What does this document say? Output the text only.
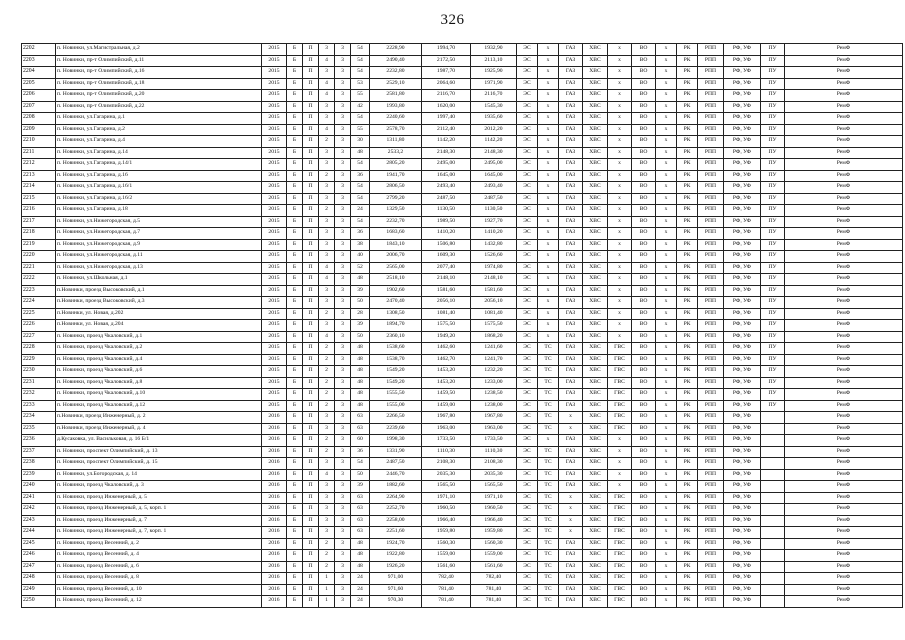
326
2202	п. Новинки, ул.Магистральная, д.2	2015	Б	П	3	3	54	2228,90	1994,70	1932,90	ЭС	х	ГАЗ	ХВС	х	ВО	х	РК	РПП	РФ, УФ	ПУ	РемФ
2203	п. Новинки, пр-т Олимпийский, д.11	2015	Б	П	4	3	54	2490,40	2172,50	2113,10	ЭС	х	ГАЗ	ХВС	х	ВО	х	РК	РПП	РФ, УФ	ПУ	РемФ
2204	п. Новинки, пр-т Олимпийский, д.16	2015	Б	П	3	3	54	2232,80	1987,70	1925,90	ЭС	х	ГАЗ	ХВС	х	ВО	х	РК	РПП	РФ, УФ	ПУ	РемФ
2205	п. Новинки, пр-т Олимпийский, д.18	2015	Б	П	4	3	53	2529,10	2064,60	1971,90	ЭС	х	ГАЗ	ХВС	х	ВО	х	РК	РПП	РФ, УФ	ПУ	РемФ
2206	п. Новинки, пр-т Олимпийский, д.20	2015	Б	П	4	3	55	2581,80	2116,70	2116,70	ЭС	х	ГАЗ	ХВС	х	ВО	х	РК	РПП	РФ, УФ	ПУ	РемФ
2207	п. Новинки, пр-т Олимпийский, д.22	2015	Б	П	3	3	42	1993,80	1620,00	1545,30	ЭС	х	ГАЗ	ХВС	х	ВО	х	РК	РПП	РФ, УФ	ПУ	РемФ
2208	п. Новинки, ул.Гагарина, д.1	2015	Б	П	3	3	54	2240,60	1997,40	1935,60	ЭС	х	ГАЗ	ХВС	х	ВО	х	РК	РПП	РФ, УФ	ПУ	РемФ
2209	п. Новинки, ул.Гагарина, д.2	2015	Б	П	4	3	55	2578,70	2112,40	2012,20	ЭС	х	ГАЗ	ХВС	х	ВО	х	РК	РПП	РФ, УФ	ПУ	РемФ
2210	п. Новинки, ул.Гагарина, д.4	2015	Б	П	2	3	30	1311,80	1142,20	1142,20	ЭС	х	ГАЗ	ХВС	х	ВО	х	РК	РПП	РФ, УФ	ПУ	РемФ
2211	п. Новинки, ул.Гагарина, д.14	2015	Б	П	3	3	48	2533,2	2148,30	2148,30	ЭС	х	ГАЗ	ХВС	х	ВО	х	РК	РПП	РФ, УФ	ПУ	РемФ
2212	п. Новинки, ул.Гагарина, д.14/1	2015	Б	П	3	3	54	2805,20	2495,00	2495,00	ЭС	х	ГАЗ	ХВС	х	ВО	х	РК	РПП	РФ, УФ	ПУ	РемФ
2213	п. Новинки, ул.Гагарина, д.16	2015	Б	П	2	3	36	1941,70	1645,00	1645,00	ЭС	х	ГАЗ	ХВС	х	ВО	х	РК	РПП	РФ, УФ	ПУ	РемФ
2214	п. Новинки, ул.Гагарина, д.16/1	2015	Б	П	3	3	54	2806,50	2493,40	2493,40	ЭС	х	ГАЗ	ХВС	х	ВО	х	РК	РПП	РФ, УФ	ПУ	РемФ
2215	п. Новинки, ул.Гагарина, д.16/2	2015	Б	П	3	3	54	2799,20	2487,50	2487,50	ЭС	х	ГАЗ	ХВС	х	ВО	х	РК	РПП	РФ, УФ	ПУ	РемФ
2216	п. Новинки, ул.Гагарина, д.18	2015	Б	П	2	3	24	1329,50	1130,50	1130,50	ЭС	х	ГАЗ	ХВС	х	ВО	х	РК	РПП	РФ, УФ	ПУ	РемФ
2217	п. Новинки, ул.Нижегородская, д.5	2015	Б	П	3	3	54	2232,70	1989,50	1927,70	ЭС	х	ГАЗ	ХВС	х	ВО	х	РК	РПП	РФ, УФ	ПУ	РемФ
2218	п. Новинки, ул.Нижегородская, д.7	2015	Б	П	3	3	36	1683,60	1410,20	1410,20	ЭС	х	ГАЗ	ХВС	х	ВО	х	РК	РПП	РФ, УФ	ПУ	РемФ
2219	п. Новинки, ул.Нижегородская, д.9	2015	Б	П	3	3	38	1843,10	1506,80	1432,80	ЭС	х	ГАЗ	ХВС	х	ВО	х	РК	РПП	РФ, УФ	ПУ	РемФ
2220	п. Новинки, ул.Нижегородская, д.11	2015	Б	П	3	3	40	2006,70	1609,30	1526,60	ЭС	х	ГАЗ	ХВС	х	ВО	х	РК	РПП	РФ, УФ	ПУ	РемФ
2221	п. Новинки, ул.Нижегородская, д.13	2015	Б	П	4	3	52	2565,00	2077,40	1974,80	ЭС	х	ГАЗ	ХВС	х	ВО	х	РК	РПП	РФ, УФ	ПУ	РемФ
2222	п. Новинки, ул.Школьная, д.1	2015	Б	П	4	3	48	2518,10	2148,10	2148,10	ЭС	х	ГАЗ	ХВС	х	ВО	х	РК	РПП	РФ, УФ	ПУ	РемФ
2223	п.Новинки, проезд Высоковский, д.1	2015	Б	П	3	3	39	1902,60	1581,60	1581,60	ЭС	х	ГАЗ	ХВС	х	ВО	х	РК	РПП	РФ, УФ	ПУ	РемФ
2224	п.Новинки, проезд Высоковский, д.3	2015	Б	П	3	3	50	2470,40	2056,10	2056,10	ЭС	х	ГАЗ	ХВС	х	ВО	х	РК	РПП	РФ, УФ	ПУ	РемФ
2225	п.Новинки, ул. Новая, д.202	2015	Б	П	2	3	28	1308,50	1081,40	1081,40	ЭС	х	ГАЗ	ХВС	х	ВО	х	РК	РПП	РФ, УФ	ПУ	РемФ
2226	п.Новинки, ул. Новая, д.204	2015	Б	П	3	3	39	1894,70	1575,50	1575,50	ЭС	х	ГАЗ	ХВС	х	ВО	х	РК	РПП	РФ, УФ	ПУ	РемФ
2227	п. Новинки, проезд Чкаловский, д.1	2015	Б	П	4	3	50	2360,10	1949,20	1868,20	ЭС	х	ГАЗ	ХВС	х	ВО	х	РК	РПП	РФ, УФ	ПУ	РемФ
2228	п. Новинки, проезд Чкаловский, д.2	2015	Б	П	2	3	48	1538,60	1462,60	1241,60	ЭС	ТС	ГАЗ	ХВС	ГВС	ВО	х	РК	РПП	РФ, УФ	ПУ	РемФ
2229	п. Новинки, проезд Чкаловский, д.4	2015	Б	П	2	3	48	1538,70	1462,70	1241,70	ЭС	ТС	ГАЗ	ХВС	ГВС	ВО	х	РК	РПП	РФ, УФ	ПУ	РемФ
2230	п. Новинки, проезд Чкаловский, д.6	2015	Б	П	2	3	48	1549,20	1453,20	1232,20	ЭС	ТС	ГАЗ	ХВС	ГВС	ВО	х	РК	РПП	РФ, УФ	ПУ	РемФ
2231	п. Новинки, проезд Чкаловский, д.8	2015	Б	П	2	3	48	1549,20	1453,20	1233,00	ЭС	ТС	ГАЗ	ХВС	ГВС	ВО	х	РК	РПП	РФ, УФ	ПУ	РемФ
2232	п. Новинки, проезд Чкаловский, д.10	2015	Б	П	2	3	48	1555,50	1459,50	1238,50	ЭС	ТС	ГАЗ	ХВС	ГВС	ВО	х	РК	РПП	РФ, УФ	ПУ	РемФ
2233	п. Новинки, проезд Чкаловский, д.12	2015	Б	П	2	3	48	1555,00	1459,00	1238,00	ЭС	ТС	ГАЗ	ХВС	ГВС	ВО	х	РК	РПП	РФ, УФ	ПУ	РемФ
2234	п.Новинки, проезд Инженерный, д. 2	2016	Б	П	3	3	63	2266,50	1967,80	1967,80	ЭС	ТС	х	ХВС	ГВС	ВО	х	РК	РПП	РФ, УФ		РемФ
2235	п.Новинки, проезд Инженерный, д. 4	2016	Б	П	3	3	63	2239,60	1963,00	1963,00	ЭС	ТС	х	ХВС	ГВС	ВО	х	РК	РПП	РФ, УФ		РемФ
2236	д.Кусаковка, ул. Васильковая, д. 16 Б/1	2016	Б	П	2	3	60	1998,30	1733,50	1733,50	ЭС	х	ГАЗ	ХВС	х	ВО	х	РК	РПП	РФ, УФ		РемФ
2237	п. Новинки, проспект Олимпийский, д. 13	2016	Б	П	2	3	36	1331,90	1110,30	1110,30	ЭС	ТС	ГАЗ	ХВС	х	ВО	х	РК	РПП	РФ, УФ		РемФ
2238	п. Новинки, проспект Олимпийский, д. 15	2016	Б	П	3	3	54	2487,50	2108,30	2108,30	ЭС	ТС	ГАЗ	ХВС	х	ВО	х	РК	РПП	РФ, УФ		РемФ
2239	п. Новинки, ул.Богородская, д. 14	2016	Б	П	4	3	50	2446,70	2035,30	2035,30	ЭС	ТС	ГАЗ	ХВС	х	ВО	х	РК	РПП	РФ, УФ		РемФ
2240	п. Новинки, проезд Чкаловский, д. 3	2016	Б	П	3	3	39	1882,60	1565,50	1565,50	ЭС	ТС	ГАЗ	ХВС	х	ВО	х	РК	РПП	РФ, УФ		РемФ
2241	п. Новинки, проезд Инженерный, д. 5	2016	Б	П	3	3	63	2264,90	1971,10	1971,10	ЭС	ТС	х	ХВС	ГВС	ВО	х	РК	РПП	РФ, УФ		РемФ
2242	п. Новинки, проезд Инженерный, д. 5, корп. 1	2016	Б	П	3	3	63	2252,70	1960,50	1960,50	ЭС	ТС	х	ХВС	ГВС	ВО	х	РК	РПП	РФ, УФ		РемФ
2243	п. Новинки, проезд Инженерный, д. 7	2016	Б	П	3	3	63	2258,00	1966,40	1966,40	ЭС	ТС	х	ХВС	ГВС	ВО	х	РК	РПП	РФ, УФ		РемФ
2244	п. Новинки, проезд Инженерный, д. 7, корп. 1	2016	Б	П	3	3	63	2251,60	1959,80	1959,80	ЭС	ТС	х	ХВС	ГВС	ВО	х	РК	РПП	РФ, УФ		РемФ
2245	п. Новинки, проезд Весенний, д. 2	2016	Б	П	2	3	48	1924,70	1560,30	1560,30	ЭС	ТС	ГАЗ	ХВС	ГВС	ВО	х	РК	РПП	РФ, УФ		РемФ
2246	п. Новинки, проезд Весенний, д. 4	2016	Б	П	2	3	48	1922,80	1559,00	1559,00	ЭС	ТС	ГАЗ	ХВС	ГВС	ВО	х	РК	РПП	РФ, УФ		РемФ
2247	п. Новинки, проезд Весенний, д. 6	2016	Б	П	2	3	48	1926,20	1561,60	1561,60	ЭС	ТС	ГАЗ	ХВС	ГВС	ВО	х	РК	РПП	РФ, УФ		РемФ
2248	п. Новинки, проезд Весенний, д. 8	2016	Б	П	1	3	24	971,00	782,40	782,40	ЭС	ТС	ГАЗ	ХВС	ГВС	ВО	х	РК	РПП	РФ, УФ		РемФ
2249	п. Новинки, проезд Весенний, д. 10	2016	Б	П	1	3	24	971,60	781,40	781,40	ЭС	ТС	ГАЗ	ХВС	ГВС	ВО	х	РК	РПП	РФ, УФ		РемФ
2250	п. Новинки, проезд Весенний, д. 12	2016	Б	П	1	3	24	970,30	781,40	781,40	ЭС	ТС	ГАЗ	ХВС	ГВС	ВО	х	РК	РПП	РФ, УФ		РемФ
